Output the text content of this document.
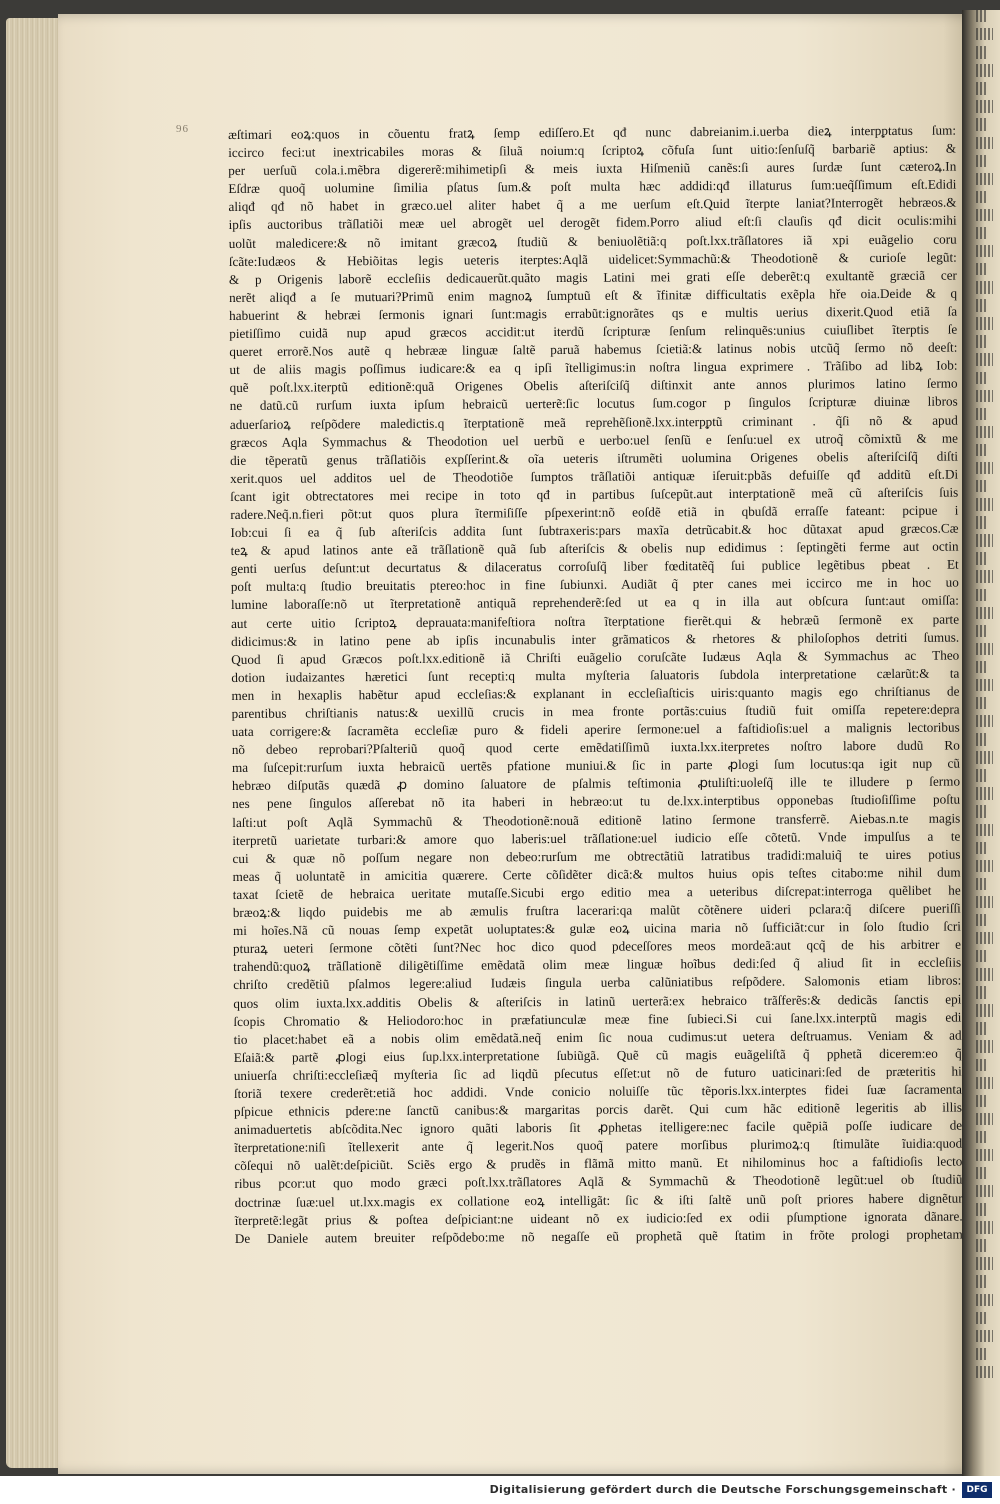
96	æſtimari eoꝝ:quos in cõuentu fratꝝ ſemp ediſſero.Et qđ nunc dabreianim.i.uerba dieꝝ interpᵱtatus ſum:
iccirco feci:ut inextricabiles moras & ſiluã noium:q ſcriptoꝝ cõfuſa ſunt uitio:ſenſuſq̃ barbariẽ aptius: &
per uerſuũ cola.i.mẽbra digererẽ:mihimetipſi & meis iuxta Hiſmeniũ canẽs:ſi aures ſurdæ ſunt cæteroꝝ.In
Eſdræ quoq̃ uolumine ſimilia pſatus ſum.& poſt multa hæc addidi:qđ illaturus ſum:ueq̃ſſimum eſt.Edidi
aliqđ qđ nõ habet in græco.uel aliter habet q̃ a me uerſum eſt.Quid ĩterpte laniat?Interrogẽt hebræos.&
ipſis auctoribus trãſlatiõi meæ uel abrogẽt uel derogẽt fidem.Porro aliud eſt:ſi clauſis qđ dicit oculis:mihi
uolũt maledicere:& nõ imitant græcoꝝ ſtudiũ & beniuolẽtiã:q poſt.lxx.trãſlatores iã xpi euãgelio coru
ſcãte:Iudæos & Hebiõitas legis ueteris iterptes:Aqlã uidelicet:Symmachũ:& Theodotionẽ & curioſe legũt:
& p Origenis laborẽ eccleſiis dedicauerũt.quãto magis Latini mei grati eſſe deberẽt:q exultantẽ græciã cer
nerẽt aliqđ a ſe mutuari?Primũ enim magnoꝝ ſumptuũ eſt & ĩfinitæ difficultatis exẽpla hře oia.Deide & q
habuerint & hebræi ſermonis ignari ſunt:magis errabũt:ignorãtes qs e multis uerius dixerit.Quod etiã ſa
pietiſſimo cuidã nup apud græcos accidit:ut iterdũ ſcripturæ ſenſum relinquẽs:unius cuiuſlibet ĩterptis ſe
queret errorẽ.Nos autẽ q hebrææ linguæ ſaltẽ paruã habemus ſcietiã:& latinus nobis utcũq̃ ſermo nõ deeſt:
ut de aliis magis poſſimus iudicare:& ea q ipſi ĩtelligimus:in noſtra lingua exprimere . Trãſibo ad libꝝ Iob:
quẽ poſt.lxx.iterptũ editionẽ:quã Origenes Obelis aſteriſciſq̃ diſtinxit ante annos plurimos latino ſermo
ne datũ.cũ rurſum iuxta ipſum hebraicũ uerterẽ:ſic locutus ſum.cogor p ſingulos ſcripturæ diuinæ libros
aduerſarioꝝ reſpõdere maledictis.q ĩterptationẽ meã reprehẽſionẽ.lxx.interpᵱtũ criminant . q̃ſi nõ & apud
græcos Aqla Symmachus & Theodotion uel uerbũ e uerbo:uel ſenſũ e ſenſu:uel ex utroq̃ cõmixtũ & me
die tẽperatũ genus trãſlatiõis expſſerint.& oĩa ueteris iſtrumẽti uolumina Origenes obelis aſteriſciſq̃ diſti
xerit.quos uel additos uel de Theodotiõe ſumptos trãſlatiõi antiquæ iſeruit:pbãs defuiſſe qđ additũ eſt.Di
ſcant igit obtrectatores mei recipe in toto qđ in partibus ſuſcepũt.aut interptationẽ meã cũ aſteriſcis ſuis
radere.Neq̃.n.fieri põt:ut quos plura ĩtermiſiſſe pſpexerint:nõ eoſdẽ etiã in qbuſdã erraſſe fateant: pcipue i
Iob:cui ſi ea q̃ ſub aſteriſcis addita ſunt ſubtraxeris:pars maxĩa detrũcabit.& hoc dũtaxat apud græcos.Cæ
teꝝ & apud latinos ante eã trãſlationẽ quã ſub aſteriſcis & obelis nup edidimus : ſeptingẽti ferme aut octin
genti uerſus deſunt:ut decurtatus & dilaceratus corroſuſq̃ liber fœditatẽq̃ ſui publice legẽtibus pbeat . Et
poſt multa:q ſtudio breuitatis ptereo:hoc in fine ſubiunxi. Audiãt q̃ pter canes mei iccirco me in hoc uo
lumine laboraſſe:nõ ut ĩterpretationẽ antiquã reprehenderẽ:ſed ut ea q in illa aut obſcura ſunt:aut omiſſa:
aut certe uitio ſcriptoꝝ deprauata:manifeſtiora noſtra ĩterptatione fierẽt.qui & hebræũ ſermonẽ ex parte
didicimus:& in latino pene ab ipſis incunabulis inter grãmaticos & rhetores & philoſophos detriti ſumus.
Quod ſi apud Græcos poſt.lxx.editionẽ iã Chriſti euãgelio coruſcãte Iudæus Aqla & Symmachus ac Theo
dotion iudaizantes hæretici ſunt recepti:q multa myſteria ſaluatoris ſubdola interpretatione cælarũt:& ta
men in hexaplis habẽtur apud eccleſias:& explanant in eccleſiaſticis uiris:quanto magis ego chriſtianus de
parentibus chriſtianis natus:& uexillũ crucis in mea fronte portãs:cuius ſtudiũ fuit omiſſa repetere:depra
uata corrigere:& ſacramẽta eccleſiæ puro & fideli aperire ſermone:uel a faſtidioſis:uel a malignis lectoribus
nõ debeo reprobari?Pſalteriũ quoq̃ quod certe emẽdatiſſimũ iuxta.lxx.iterpretes noſtro labore dudũ Ro
ma ſuſcepit:rurſum iuxta hebraicũ uertẽs pfatione muniui.& ſic in parte ꝓlogi ſum locutus:qa igit nup cũ
hebræo diſputãs quædã ꝓ domino ſaluatore de pſalmis teſtimonia ꝓtuliſti:uoleſq̃ ille te illudere p ſermo
nes pene ſingulos aſſerebat nõ ita haberi in hebræo:ut tu de.lxx.interptibus opponebas ſtudioſiſſime poſtu
laſti:ut poſt Aqlã Symmachũ & Theodotionẽ:nouã editionẽ latino ſermone transferrẽ. Aiebas.n.te magis
iterpretũ uarietate turbari:& amore quo laberis:uel trãſlatione:uel iudicio eſſe cõtetũ. Vnde impulſus a te
cui & quæ nõ poſſum negare non debeo:rurſum me obtrectãtiũ latratibus tradidi:maluiq̃ te uires potius
meas q̃ uoluntatẽ in amicitia quærere. Certe cõſidẽter dicã:& multos huius opis teſtes citabo:me nihil dum
taxat ſcietẽ de hebraica ueritate mutaſſe.Sicubi ergo editio mea a ueteribus diſcrepat:interroga quẽlibet he
bræoꝝ:& liqdo puidebis me ab æmulis fruſtra lacerari:qa malũt cõtẽnere uideri pclara:q̃ diſcere pueriſſi
mi hoĩes.Nã cũ nouas ſemp expetãt uoluptates:& gulæ eoꝝ uicina maria nõ ſufficiãt:cur in ſolo ſtudio ſcri
pturaꝝ ueteri ſermone cõtẽti ſunt?Nec hoc dico quod pdeceſſores meos mordeã:aut qcq̃ de his arbitrer e
trahendũ:quoꝝ trãſlationẽ diligẽtiſſime emẽdatã olim meæ linguæ hoĩbus dedi:ſed q̃ aliud ſit in eccleſiis
chriſto credẽtiũ pſalmos legere:aliud Iudæis ſingula uerba calũniatibus reſpõdere. Salomonis etiam libros:
quos olim iuxta.lxx.additis Obelis & aſteriſcis in latinũ uerterã:ex hebraico trãſferẽs:& dedicãs ſanctis epi
ſcopis Chromatio & Heliodoro:hoc in præfatiunculæ meæ fine ſubieci.Si cui ſane.lxx.interptũ magis edi
tio placet:habet eã a nobis olim emẽdatã.neq̃ enim ſic noua cudimus:ut uetera deſtruamus. Veniam & ad
Eſaiã:& partẽ ꝓlogi eius ſup.lxx.interpretatione ſubiũgã. Quẽ cũ magis euãgeliſtã q̃ pphetã dicerem:eo q̃
uniuerſa chriſti:eccleſiæq̃ myſteria ſic ad liqdũ pſecutus eſſet:ut nõ de futuro uaticinari:ſed de præteritis hi
ſtoriã texere crederẽt:etiã hoc addidi. Vnde conicio noluiſſe tũc tẽporis.lxx.interptes fidei ſuæ ſacramenta
pſpicue ethnicis pdere:ne ſanctũ canibus:& margaritas porcis darẽt. Qui cum hãc editionẽ legeritis ab illis
animaduertetis abſcõdita.Nec ignoro quãti laboris ſit ꝓphetas itelligere:nec facile quẽpiã poſſe iudicare de
ĩterpretatione:niſi ĩtellexerit ante q̃ legerit.Nos quoq̃ patere morſibus plurimoꝝ:q ſtimulãte ĩuidia:quod
cõſequi nõ ualẽt:deſpiciũt. Sciẽs ergo & prudẽs in flãmã mitto manũ. Et nihilominus hoc a faſtidioſis lecto
ribus pcor:ut quo modo græci poſt.lxx.trãſlatores Aqlã & Symmachũ & Theodotionẽ legũt:uel ob ſtudiũ
doctrinæ ſuæ:uel ut.lxx.magis ex collatione eoꝝ intelligãt: ſic & iſti ſaltẽ unũ poſt priores habere dignẽtur
ĩterpretẽ:legãt prius & poſtea deſpiciant:ne uideant nõ ex iudicio:ſed ex odii pſumptione ignorata dãnare.
De Daniele autem breuiter reſpõdebo:me nõ negaſſe eũ prophetã quẽ ſtatim in frõte prologi prophetam
Digitalisierung gefördert durch die Deutsche Forschungsgemeinschaft ·	DFG
